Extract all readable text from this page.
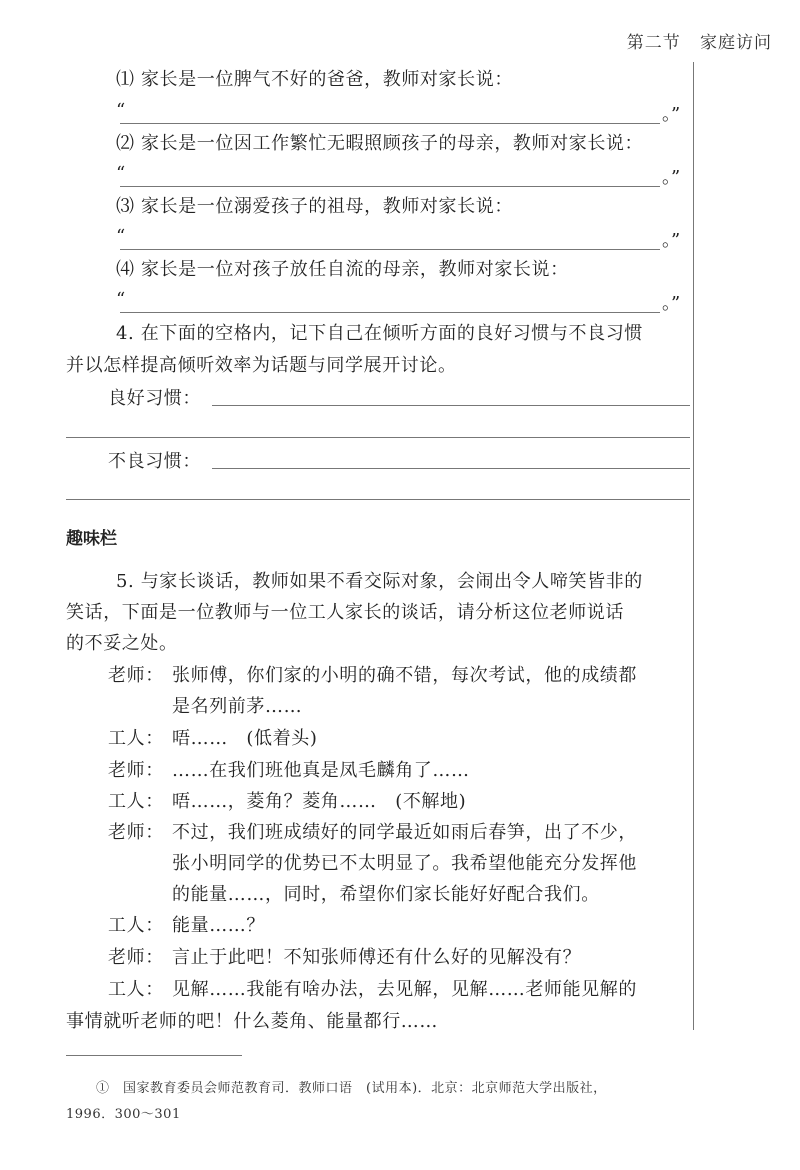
第二节 家庭访问
⑴ 家长是一位脾气不好的爸爸，教师对家长说：
“	。”
⑵ 家长是一位因工作繁忙无暇照顾孩子的母亲，教师对家长说：
“	。”
⑶ 家长是一位溺爱孩子的祖母，教师对家长说：
“	。”
⑷ 家长是一位对孩子放任自流的母亲，教师对家长说：
“	。”
4. 在下面的空格内，记下自己在倾听方面的良好习惯与不良习惯
并以怎样提高倾听效率为话题与同学展开讨论。
良好习惯：
不良习惯：
趣味栏
5. 与家长谈话，教师如果不看交际对象，会闹出令人啼笑皆非的
笑话，下面是一位教师与一位工人家长的谈话，请分析这位老师说话
的不妥之处。
老师： 张师傅，你们家的小明的确不错，每次考试，他的成绩都
是名列前茅……
工人： 唔……　(低着头)
老师： ……在我们班他真是凤毛麟角了……
工人： 唔……，菱角？菱角……　(不解地)
老师： 不过，我们班成绩好的同学最近如雨后春笋，出了不少，
张小明同学的优势已不太明显了。我希望他能充分发挥他
的能量……，同时，希望你们家长能好好配合我们。
工人： 能量……？
老师： 言止于此吧！不知张师傅还有什么好的见解没有？
工人： 见解……我能有啥办法，去见解，见解……老师能见解的
事情就听老师的吧！什么菱角、能量都行……
①　国家教育委员会师范教育司．教师口语　(试用本)．北京：北京师范大学出版社，
1996．300～301
